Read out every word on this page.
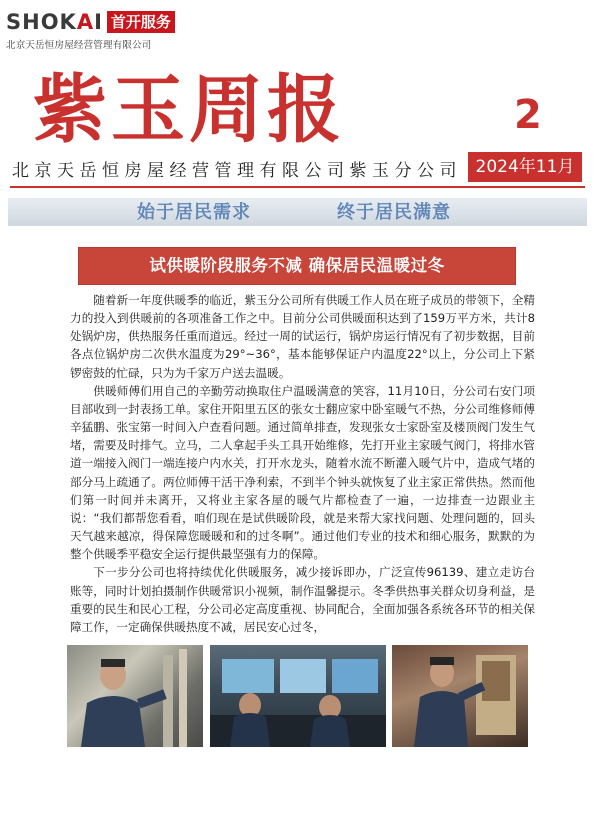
SHOKAI 首开服务
北京天岳恒房屋经营管理有限公司
紫玉周报	2
北京天岳恒房屋经营管理有限公司紫玉分公司 2024年11月
始于居民需求	终于居民满意
试供暖阶段服务不减 确保居民温暖过冬

随着新一年度供暖季的临近，紫玉分公司所有供暖工作人员在班子成员的带领下，全精力的投入到供暖前的各项准备工作之中。目前分公司供暖面积达到了159万平方米，共计8处锅炉房，供热服务任重而道远。经过一周的试运行，锅炉房运行情况有了初步数据，目前各点位锅炉房二次供水温度为29°~36°，基本能够保证户内温度22°以上，分公司上下紧锣密鼓的忙碌，只为为千家万户送去温暖。

供暖师傅们用自己的辛勤劳动换取住户温暖满意的笑容，11月10日，分公司右安门项目部收到一封表扬工单。家住开阳里五区的张女士翻应家中卧室暖气不热，分公司维修师傅辛猛鹏、张宝第一时间入户查看问题。通过简单排查，发现张女士家卧室及楼顶阀门发生气堵，需要及时排气。立马，二人拿起手头工具开始维修，先打开业主家暖气阀门，将排水管道一端接入阀门一端连接户内水关，打开水龙头，随着水流不断灌入暖气片中，造成气堵的部分马上疏通了。两位师傅干活干净利索，不到半个钟头就恢复了业主家正常供热。然而他们第一时间并未离开，又将业主家各屋的暖气片都检查了一遍，一边排查一边跟业主说：“我们都帮您看看，咱们现在是试供暖阶段，就是来帮大家找问题、处理问题的，回头天气越来越凉，得保障您暖暖和和的过冬啊”。通过他们专业的技术和细心服务，默默的为整个供暖季平稳安全运行提供最坚强有力的保障。

下一步分公司也将持续优化供暖服务，减少接诉即办，广泛宣传96139、建立走访台账等，同时计划拍摄制作供暖常识小视频，制作温馨提示。冬季供热事关群众切身利益，是重要的民生和民心工程，分公司必定高度重视、协同配合，全面加强各系统各环节的相关保障工作，一定确保供暖热度不减，居民安心过冬，
